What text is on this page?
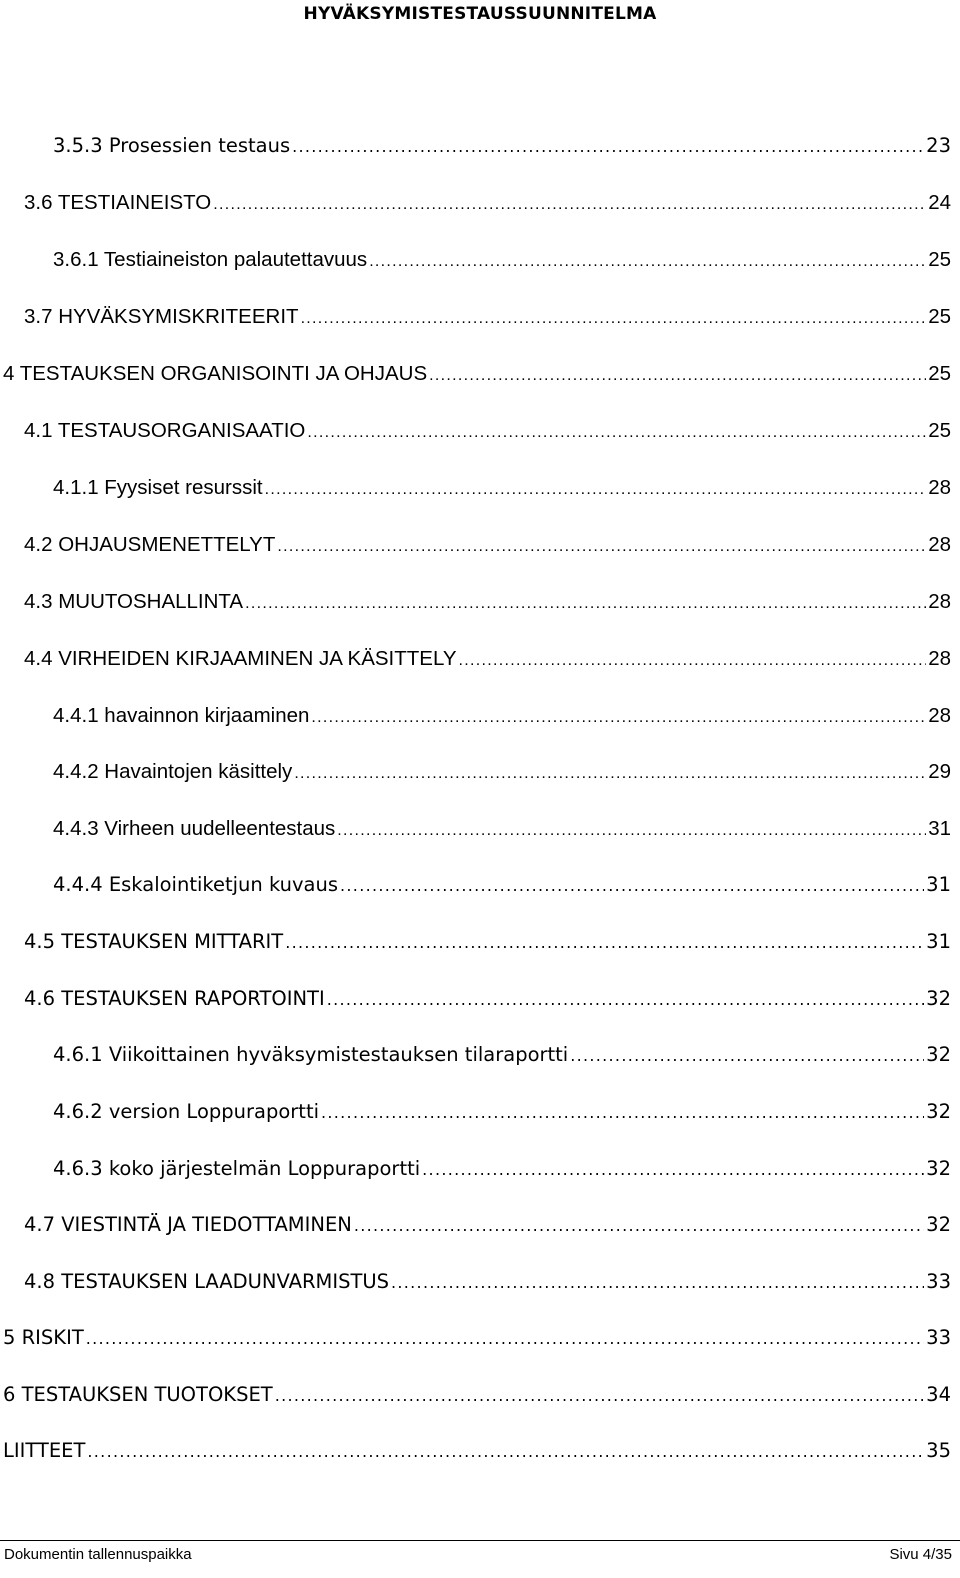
HYVÄKSYMISTESTAUSSUUNNITELMA
3.5.3 Prosessien testaus .....	23
3.6 TESTIAINEISTO .....	24
3.6.1 Testiaineiston palautettavuus .....	25
3.7 HYVÄKSYMISKRITEERIT .....	25
4 TESTAUKSEN ORGANISOINTI JA OHJAUS .....	25
4.1 TESTAUSORGANISAATIO .....	25
4.1.1 Fyysiset resurssit .....	28
4.2 OHJAUSMENETTELYT .....	28
4.3 MUUTOSHALLINTA .....	28
4.4 VIRHEIDEN KIRJAAMINEN JA KÄSITTELY .....	28
4.4.1 havainnon kirjaaminen .....	28
4.4.2 Havaintojen käsittely .....	29
4.4.3 Virheen uudelleentestaus .....	31
4.4.4 Eskalointiketjun kuvaus .....	31
4.5 TESTAUKSEN MITTARIT .....	31
4.6 TESTAUKSEN RAPORTOINTI .....	32
4.6.1 Viikoittainen hyväksymistestauksen tilaraportti .....	32
4.6.2 version Loppuraportti .....	32
4.6.3 koko järjestelmän Loppuraportti .....	32
4.7 VIESTINTÄ JA TIEDOTTAMINEN .....	32
4.8 TESTAUKSEN LAADUNVARMISTUS .....	33
5 RISKIT .....	33
6 TESTAUKSEN TUOTOKSET .....	34
LIITTEET .....	35
Dokumentin tallennuspaikka	Sivu 4/35
